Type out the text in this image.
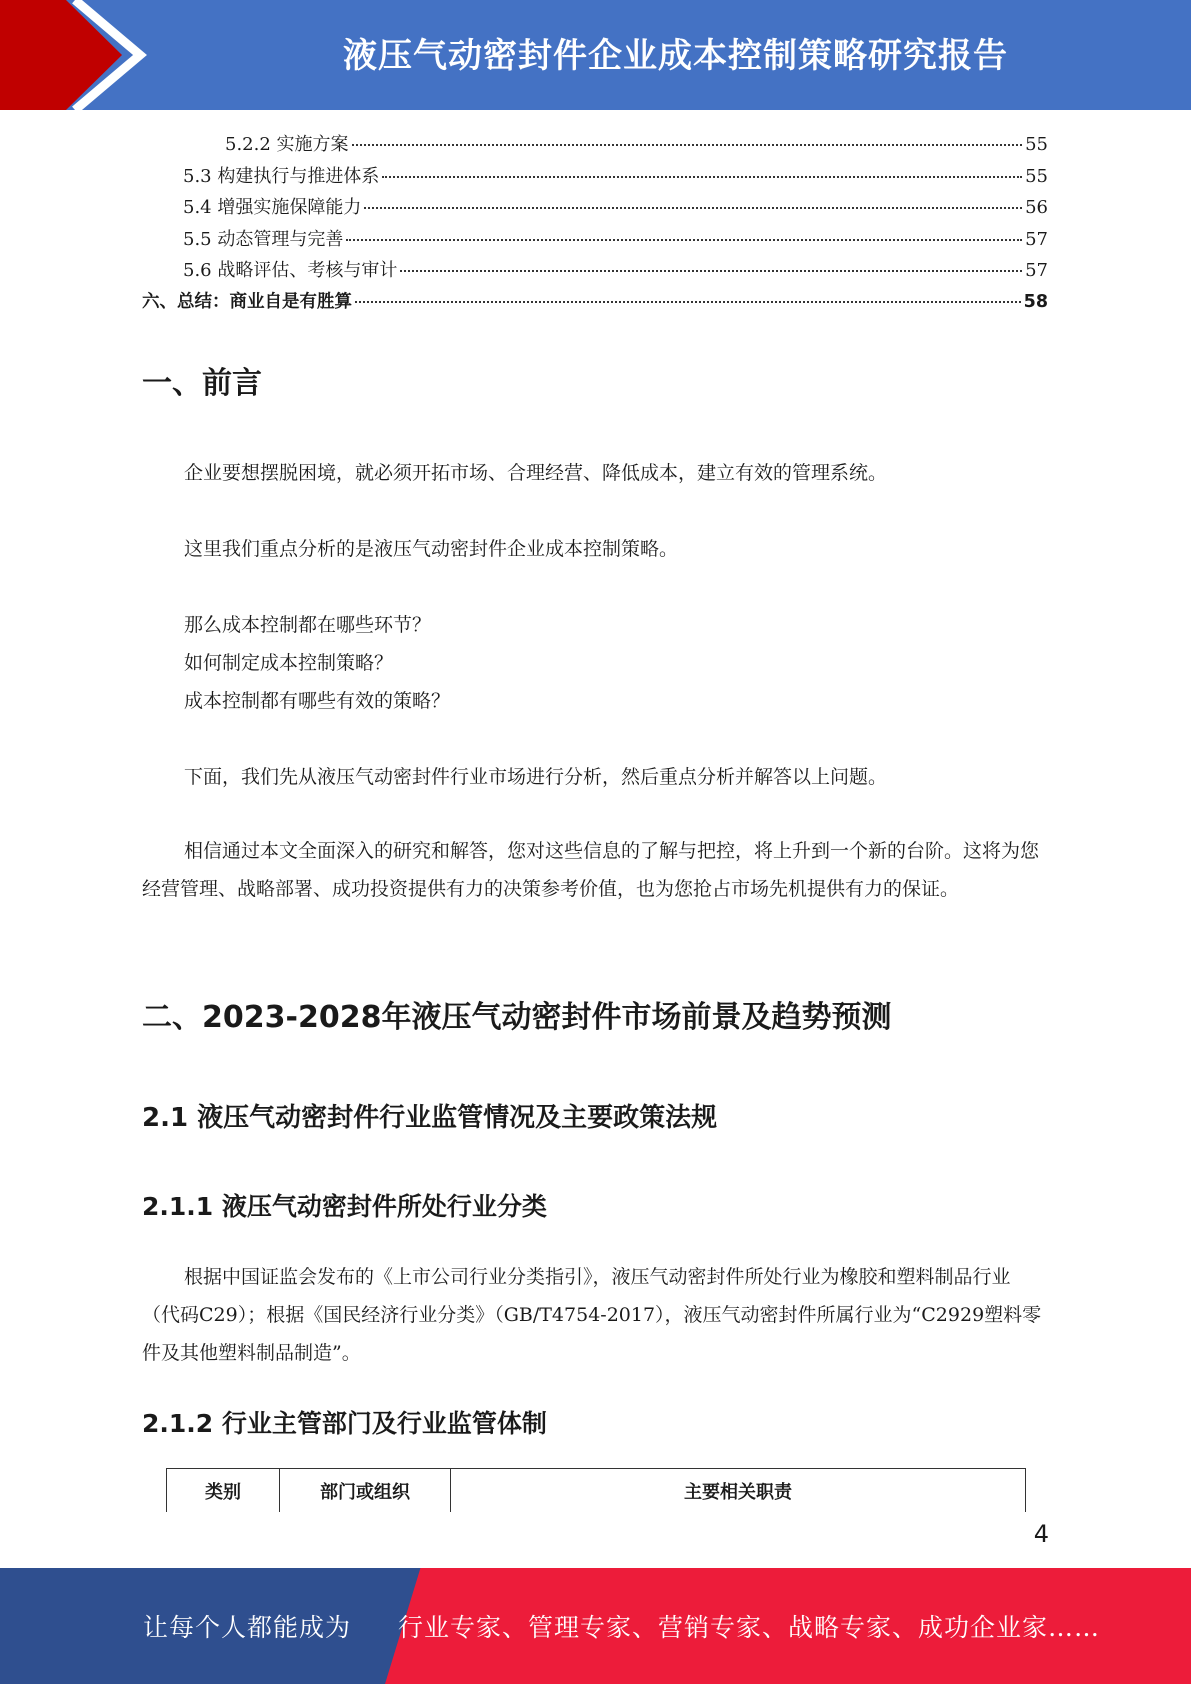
液压气动密封件企业成本控制策略研究报告
5.2.2 实施方案	55
5.3 构建执行与推进体系	55
5.4 增强实施保障能力	56
5.5 动态管理与完善	57
5.6 战略评估、考核与审计	57
六、总结：商业自是有胜算	58
一、前言
企业要想摆脱困境，就必须开拓市场、合理经营、降低成本，建立有效的管理系统。
这里我们重点分析的是液压气动密封件企业成本控制策略。
那么成本控制都在哪些环节？
如何制定成本控制策略？
成本控制都有哪些有效的策略？
下面，我们先从液压气动密封件行业市场进行分析，然后重点分析并解答以上问题。
相信通过本文全面深入的研究和解答，您对这些信息的了解与把控，将上升到一个新的台阶。这将为您经营管理、战略部署、成功投资提供有力的决策参考价值，也为您抢占市场先机提供有力的保证。
二、2023-2028年液压气动密封件市场前景及趋势预测
2.1 液压气动密封件行业监管情况及主要政策法规
2.1.1 液压气动密封件所处行业分类
根据中国证监会发布的《上市公司行业分类指引》，液压气动密封件所处行业为橡胶和塑料制品行业（代码C29）；根据《国民经济行业分类》（GB/T4754-2017），液压气动密封件所属行业为“C2929塑料零件及其他塑料制品制造”。
2.1.2 行业主管部门及行业监管体制
类别	部门或组织	主要相关职责
4
让每个人都能成为 行业专家、管理专家、营销专家、战略专家、成功企业家……
